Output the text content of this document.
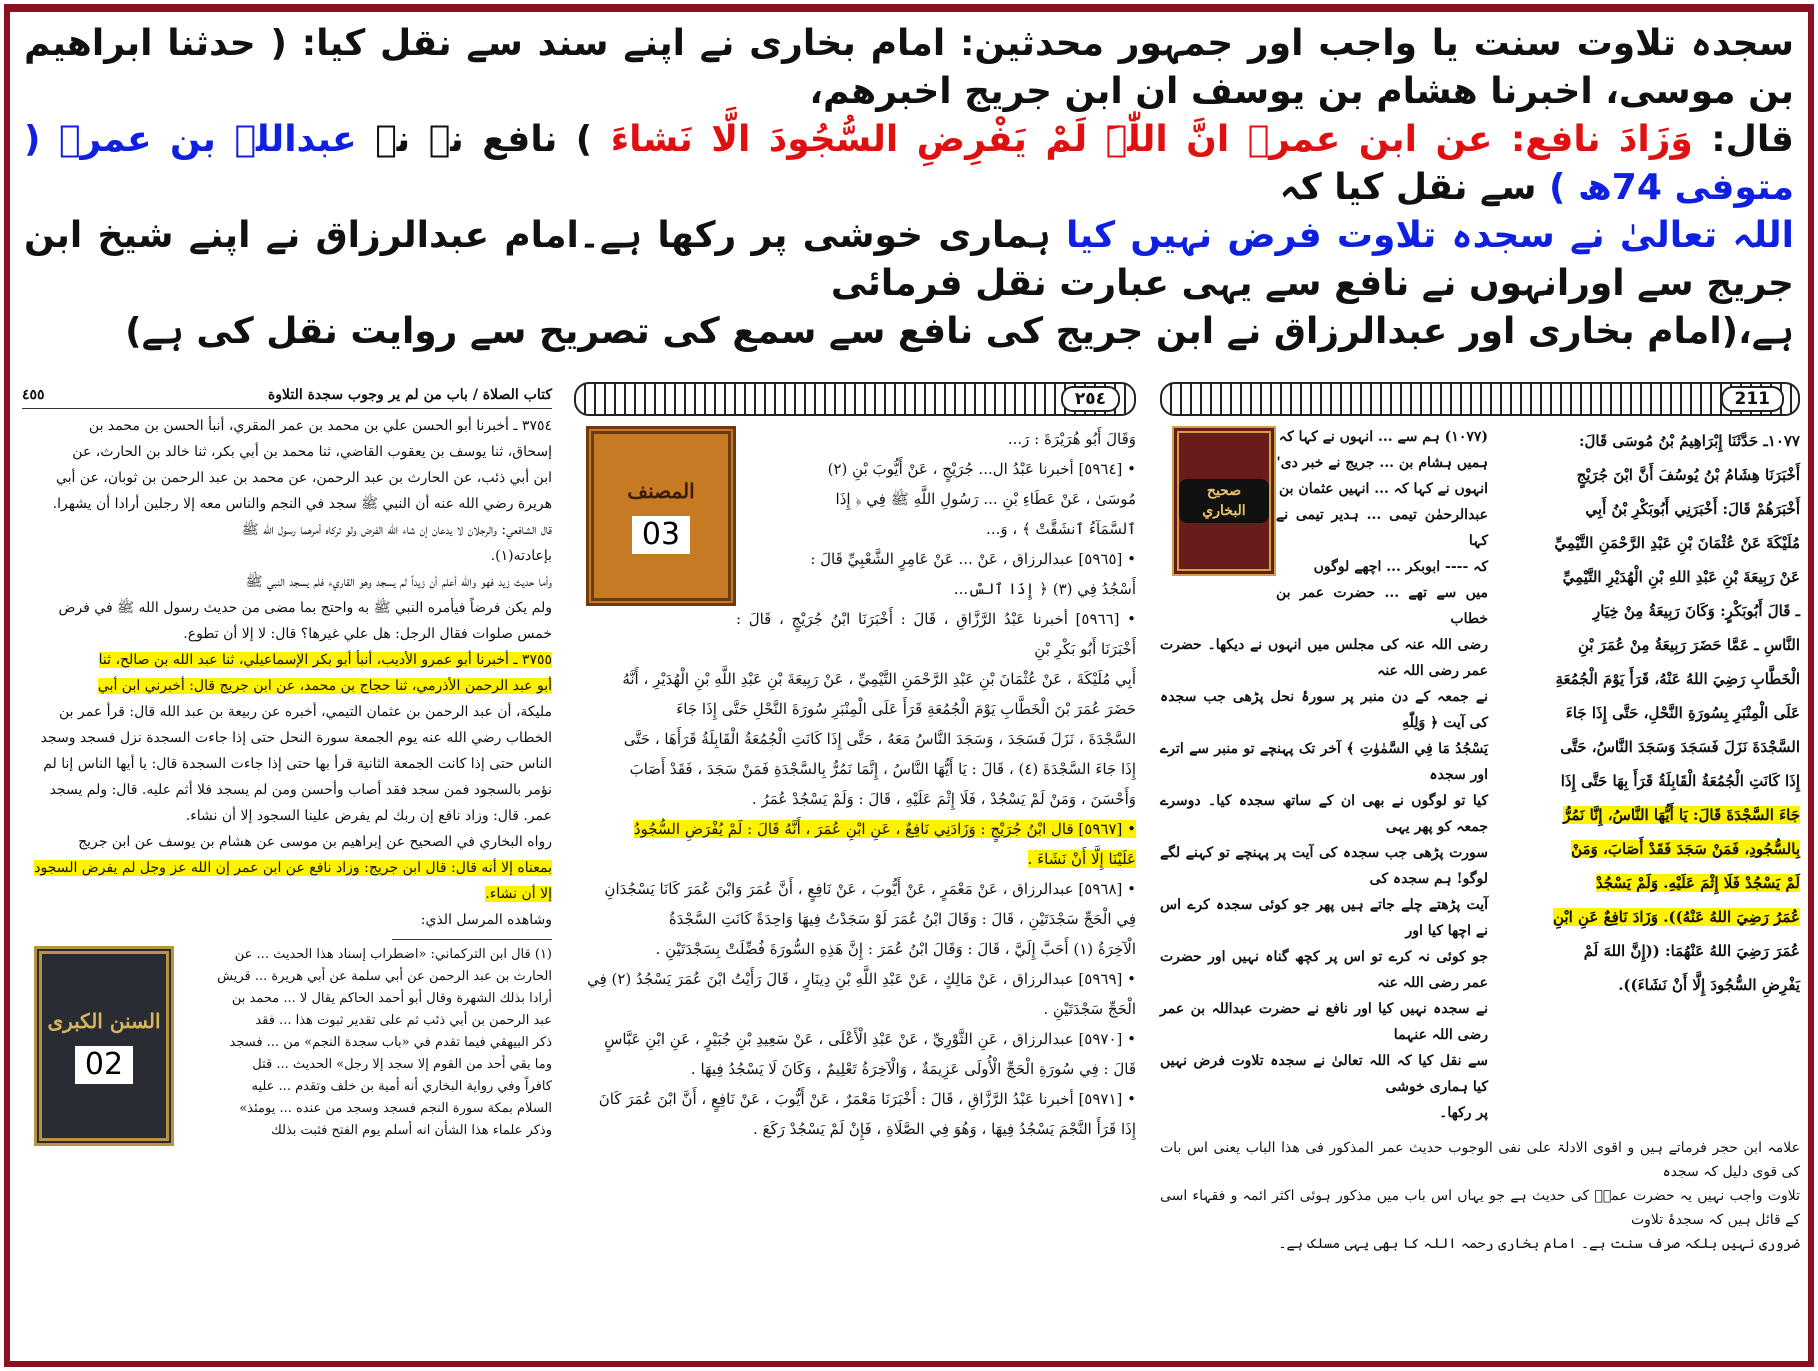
سجدہ تلاوت سنت یا واجب اور جمہور محدثین: امام بخاری نے اپنے سند سے نقل کیا: ( حدثنا ابراھیم بن موسی، اخبرنا ھشام بن یوسف ان ابن جریج اخبرھم،
قال: وَزَادَ نافع: عن ابن عمرؓ انَّ اللّٰہَ لَمْ یَفْرِضِ السُّجُودَ الَّا نَشاءَ ) نافع نے نے عبداللہ بن عمرؓ ( متوفی 74ھ ) سے نقل کیا کہ
اللہ تعالیٰ نے سجدہ تلاوت فرض نہیں کیا ہماری خوشی پر رکھا ہے۔امام عبدالرزاق نے اپنے شیخ ابن جریج سے اورانہوں نے نافع سے یہی عبارت نقل فرمائی
ہے،(امام بخاری اور عبدالرزاق نے ابن جریج کی نافع سے سمع کی تصریح سے روایت نقل کی ہے)
كتاب الصلاة / باب من لم ير وجوب سجدة التلاوة
٤٥٥
٣٧٥٤ ـ أخبرنا أبو الحسن علي بن محمد بن عمر المقري، أنبأ الحسن بن محمد بن
إسحاق، ثنا يوسف بن يعقوب القاضي، ثنا محمد بن أبي بكر، ثنا خالد بن الحارث، عن
ابن أبي ذئب، عن الحارث بن عبد الرحمن، عن محمد بن عبد الرحمن بن ثوبان، عن أبي
هريرة رضي الله عنه أن النبي ﷺ سجد في النجم والناس معه إلا رجلين أرادا أن يشهرا.
قال الشافعي: والرجلان لا يدعان إن شاء الله الفرض ولو تركاه أمرهما رسول الله ﷺ
بإعادته(١).
وأما حديث زيد فهو والله أعلم أن زيداً لم يسجد وهو القاريء فلم يسجد النبي ﷺ
ولم يكن فرضاً فيأمره النبي ﷺ به واحتج بما مضى من حديث رسول الله ﷺ في فرض
خمس صلوات فقال الرجل: هل علي غيرها؟ قال: لا إلا أن تطوع.
٣٧٥٥ ـ أخبرنا أبو عمرو الأديب، أنبأ أبو بكر الإسماعيلي، ثنا عبد الله بن صالح، ثنا
أبو عبد الرحمن الأذرمي، ثنا حجاج بن محمد، عن ابن جريج قال: أخبرني ابن أبي
مليكة، أن عبد الرحمن بن عثمان التيمي، أخبره عن ربيعة بن عبد الله قال: قرأ عمر بن
الخطاب رضي الله عنه يوم الجمعة سورة النحل حتى إذا جاءت السجدة نزل فسجد وسجد
الناس حتى إذا كانت الجمعة الثانية قرأ بها حتى إذا جاءت السجدة قال: يا أيها الناس إنا لم
نؤمر بالسجود فمن سجد فقد أصاب وأحسن ومن لم يسجد فلا أثم عليه. قال: ولم يسجد
عمر. قال: وزاد نافع إن ربك لم يفرض علينا السجود إلا أن نشاء.
رواه البخاري في الصحيح عن إبراهيم بن موسى عن هشام بن يوسف عن ابن جريج
بمعناه إلا أنه قال: قال ابن جريج: وزاد نافع عن ابن عمر إن الله عز وجل لم يفرض السجود
إلا أن نشاء.
وشاهده المرسل الذي:
السنن الكبرى
02
(١) قال ابن التركماني: «اضطراب إسناد هذا الحديث ... عن
الحارث بن عبد الرحمن عن أبي سلمة عن أبي هريرة ... قريش
أرادا بذلك الشهرة وقال أبو أحمد الحاكم يقال لا ... محمد بن
عبد الرحمن بن أبي ذئب ثم على تقدير ثبوت هذا ... فقد
ذكر البيهقي فيما تقدم في «باب سجدة النجم» من ... فسجد
وما بقي أحد من القوم إلا سجد إلا رجل» الحديث ... قتل
كافراً وفي رواية البخاري أنه أمية بن خلف وتقدم ... عليه
السلام بمكة سورة النجم فسجد وسجد من عنده ... يومئذ»
وذكر علماء هذا الشأن انه أسلم يوم الفتح فثبت بذلك
٢٥٤
المصنف
03
وَقَالَ أَبُو هُرَيْرَةَ : رَ...
• [٥٩٦٤] أخبرنا عَبْدُ ال... جُرَيْجٍ ، عَنْ أَيُّوبَ بْنِ (٢)
مُوسَىٰ ، عَنْ عَطَاءِ بْنِ ... رَسُولِ اللَّهِ ﷺ فِي ﴿ إِذَا
ٱلسَّمَآءُ ٱنشَقَّتْ ﴾ ، وَ...
• [٥٩٦٥] عبدالرزاق ، عَنْ ... عَنْ عَامِرٍ الشَّعْبِيِّ قَالَ :
أَسْجُدُ فِي (٣) ﴿ إِذَا ٱلسَّ...
• [٥٩٦٦] أخبرنا عَبْدُ الرَّزَّاقِ ، قَالَ : أَخْبَرَنَا ابْنُ جُرَيْجٍ ، قَالَ : أَخْبَرَنَا أَبُو بَكْرِ بْنِ
أَبِي مُلَيْكَةَ ، عَنْ عُثْمَانَ بْنِ عَبْدِ الرَّحْمَنِ التَّيْمِيِّ ، عَنْ رَبِيعَةَ بْنِ عَبْدِ اللَّهِ بْنِ الْهُدَيْرِ ، أَنَّهُ
حَضَرَ عُمَرَ بْنَ الْخَطَّابِ يَوْمَ الْجُمُعَةِ قَرَأَ عَلَى الْمِنْبَرِ سُورَةَ النَّحْلِ حَتَّى إِذَا جَاءَ
السَّجْدَةَ ، نَزَلَ فَسَجَدَ ، وَسَجَدَ النَّاسُ مَعَهُ ، حَتَّى إِذَا كَانَتِ الْجُمُعَةُ الْقَابِلَةُ قَرَأَهَا ، حَتَّى
إِذَا جَاءَ السَّجْدَةَ (٤) ، قَالَ : يَا أَيُّهَا النَّاسُ ، إِنَّمَا نَمُرُّ بِالسَّجْدَةِ فَمَنْ سَجَدَ ، فَقَدْ أَصَابَ
وَأَحْسَنَ ، وَمَنْ لَمْ يَسْجُدْ ، فَلَا إِثْمَ عَلَيْهِ ، قَالَ : وَلَمْ يَسْجُدْ عُمَرُ .
• [٥٩٦٧] قال ابْنُ جُرَيْجٍ : وَزَادَنِي نَافِعٌ ، عَنِ ابْنِ عُمَرَ ، أَنَّهُ قَالَ : لَمْ يُفْرَضِ السُّجُودُ
عَلَيْنَا إِلَّا أَنْ نَشَاءَ .
• [٥٩٦٨] عبدالرزاق ، عَنْ مَعْمَرٍ ، عَنْ أَيُّوبَ ، عَنْ نَافِعٍ ، أَنَّ عُمَرَ وَابْنَ عُمَرَ كَانَا يَسْجُدَانِ
فِي الْحَجِّ سَجْدَتَيْنِ ، قَالَ : وَقَالَ ابْنُ عُمَرَ لَوْ سَجَدْتُ فِيهَا وَاحِدَةً كَانَتِ السَّجْدَةُ
الْآخِرَةُ (١) أَحَبَّ إِلَيَّ ، قَالَ : وَقَالَ ابْنُ عُمَرَ : إِنَّ هَذِهِ السُّورَةَ فُضِّلَتْ بِسَجْدَتَيْنِ .
• [٥٩٦٩] عبدالرزاق ، عَنْ مَالِكٍ ، عَنْ عَبْدِ اللَّهِ بْنِ دِينَارٍ ، قَالَ رَأَيْتُ ابْنَ عُمَرَ يَسْجُدُ (٢) فِي
الْحَجِّ سَجْدَتَيْنِ .
• [٥٩٧٠] عبدالرزاق ، عَنِ الثَّوْرِيِّ ، عَنْ عَبْدِ الْأَعْلَى ، عَنْ سَعِيدِ بْنِ جُبَيْرٍ ، عَنِ ابْنِ عَبَّاسٍ
قَالَ : فِي سُورَةِ الْحَجِّ الْأُولَى عَزِيمَةٌ ، وَالْآخِرَةُ تَعْلِيمٌ ، وَكَانَ لَا يَسْجُدُ فِيهَا .
• [٥٩٧١] أخبرنا عَبْدُ الرَّزَّاقِ ، قَالَ : أَخْبَرَنَا مَعْمَرٌ ، عَنْ أَيُّوبَ ، عَنْ نَافِعٍ ، أَنَّ ابْنَ عُمَرَ كَانَ
إِذَا قَرَأَ النَّجْمَ يَسْجُدُ فِيهَا ، وَهُوَ فِي الصَّلَاةِ ، فَإِنْ لَمْ يَسْجُدْ رَكَعَ .
211
١٠٧٧ـ حَدَّثَنَا إِبْرَاهِيمُ بْنُ مُوسَى قَالَ:
أَخْبَرَنَا هِشَامُ بْنُ يُوسُفَ أَنَّ ابْنَ جُرَيْجٍ
أَخْبَرَهُمْ قَالَ: أَخْبَرَنِي أَبُوبَكْرِ بْنُ أَبِي
مُلَيْكَةَ عَنْ عُثْمَانَ بْنِ عَبْدِ الرَّحْمَنِ التَّيْمِيِّ
عَنْ رَبِيعَةَ بْنِ عَبْدِ اللهِ بْنِ الْهُدَيْرِ التَّيْمِيِّ
ـ قَالَ أَبُوبَكْرٍ: وَكَانَ رَبِيعَةُ مِنْ خِيَارِ
النَّاسِ ـ عَمَّا حَضَرَ رَبِيعَةُ مِنْ عُمَرَ بْنِ
الْخَطَّابِ رَضِيَ اللهُ عَنْهُ، قَرَأَ يَوْمَ الْجُمُعَةِ
عَلَى الْمِنْبَرِ بِسُورَةِ النَّحْلِ، حَتَّى إِذَا جَاءَ
السَّجْدَةَ نَزَلَ فَسَجَدَ وَسَجَدَ النَّاسُ، حَتَّى
إِذَا كَانَتِ الْجُمُعَةُ الْقَابِلَةُ قَرَأَ بِهَا حَتَّى إِذَا
جَاءَ السَّجْدَةَ قَالَ: يَا أَيُّهَا النَّاسُ، إِنَّا نَمُرُّ
بِالسُّجُودِ، فَمَنْ سَجَدَ فَقَدْ أَصَابَ، وَمَنْ
لَمْ يَسْجُدْ فَلَا إِثْمَ عَلَيْهِ. وَلَمْ يَسْجُدْ
عُمَرُ رَضِيَ اللهُ عَنْهُ)). وَزَادَ نَافِعٌ عَنِ ابْنِ
عُمَرَ رَضِيَ اللهُ عَنْهُمَا: ((إِنَّ اللهَ لَمْ
يَفْرِضِ السُّجُودَ إِلَّا أَنْ نَشَاءَ)).
صحيح البخاري
(١٠٧٧) ہم سے ... انہوں نے کہا کہ
ہمیں ہشام بن ... جریج نے خبر دی'
انہوں نے کہا کہ ... انہیں عثمان بن
عبدالرحمٰن تیمی ... ہدیر تیمی نے کہا
کہ ---- ابوبکر ... اچھے لوگوں
میں سے تھے ... حضرت عمر بن خطاب
رضی اللہ عنہ کی مجلس میں انہوں نے دیکھا۔ حضرت عمر رضی اللہ عنہ
نے جمعہ کے دن منبر پر سورۂ نحل پڑھی جب سجدہ کی آیت ﴿ وَلِلّٰهِ
يَسْجُدُ مَا فِي السَّمٰوٰتِ ﴾ آخر تک پہنچے تو منبر سے اترے اور سجدہ
کیا تو لوگوں نے بھی ان کے ساتھ سجدہ کیا۔ دوسرے جمعہ کو پھر یہی
سورت پڑھی جب سجدہ کی آیت پر پہنچے تو کہنے لگے لوگو! ہم سجدہ کی
آیت پڑھتے چلے جاتے ہیں پھر جو کوئی سجدہ کرے اس نے اچھا کیا اور
جو کوئی نہ کرے تو اس پر کچھ گناہ نہیں اور حضرت عمر رضی اللہ عنہ
نے سجدہ نہیں کیا اور نافع نے حضرت عبداللہ بن عمر رضی اللہ عنہما
سے نقل کیا کہ اللہ تعالیٰ نے سجدہ تلاوت فرض نہیں کیا ہماری خوشی
پر رکھا۔
علامہ ابن حجر فرماتے ہیں و اقوی الادلۃ علی نفی الوجوب حدیث عمر المذکور فی ھذا الباب یعنی اس بات کی قوی دلیل کہ سجدہ
تلاوت واجب نہیں یہ حضرت عمرؓ کی حدیث ہے جو یہاں اس باب میں مذکور ہوئی اکثر ائمہ و فقہاء اسی کے قائل ہیں کہ سجدۂ تلاوت
ضروری نہیں بلکہ صرف سنت ہے۔ امام بخاری رحمہ اللہ کا بھی یہی مسلک ہے۔
